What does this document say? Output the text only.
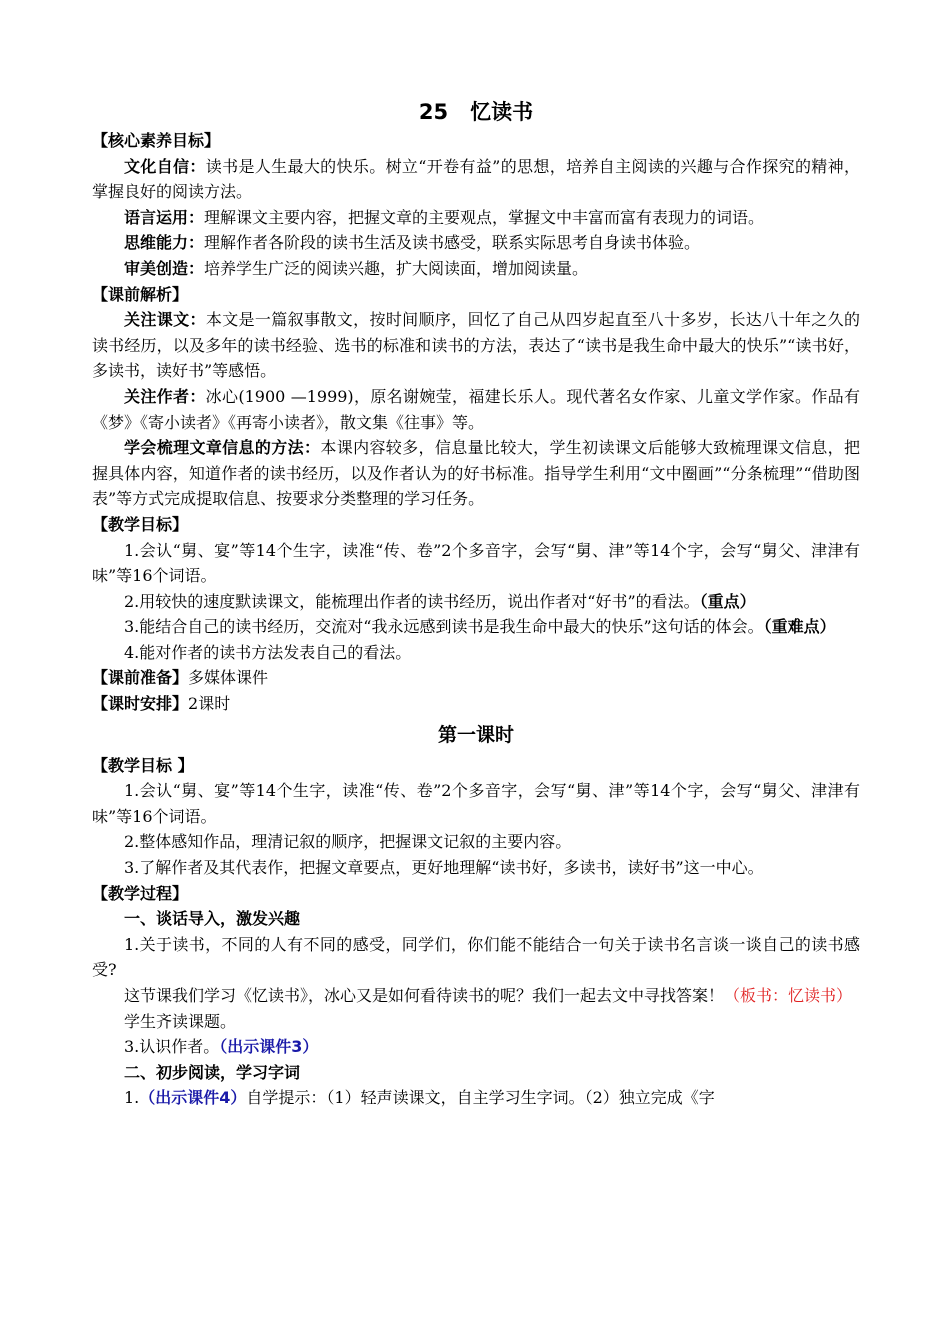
25 忆读书

【核心素养目标】

文化自信：读书是人生最大的快乐。树立“开卷有益”的思想，培养自主阅读的兴趣与合作探究的精神，掌握良好的阅读方法。

语言运用：理解课文主要内容，把握文章的主要观点，掌握文中丰富而富有表现力的词语。

思维能力：理解作者各阶段的读书生活及读书感受，联系实际思考自身读书体验。

审美创造：培养学生广泛的阅读兴趣，扩大阅读面，增加阅读量。

【课前解析】

关注课文：本文是一篇叙事散文，按时间顺序，回忆了自己从四岁起直至八十多岁，长达八十年之久的读书经历，以及多年的读书经验、选书的标准和读书的方法，表达了“读书是我生命中最大的快乐”“读书好，多读书，读好书”等感悟。

关注作者：冰心(1900 —1999)，原名谢婉莹，福建长乐人。现代著名女作家、儿童文学作家。作品有《梦》《寄小读者》《再寄小读者》，散文集《往事》等。

学会梳理文章信息的方法：本课内容较多，信息量比较大，学生初读课文后能够大致梳理课文信息，把握具体内容，知道作者的读书经历，以及作者认为的好书标准。指导学生利用“文中圈画”“分条梳理”“借助图表”等方式完成提取信息、按要求分类整理的学习任务。

【教学目标】

1.会认“舅、宴”等14个生字，读准“传、卷”2个多音字，会写“舅、津”等14个字，会写“舅父、津津有味”等16个词语。

2.用较快的速度默读课文，能梳理出作者的读书经历，说出作者对“好书”的看法。（重点）

3.能结合自己的读书经历，交流对“我永远感到读书是我生命中最大的快乐”这句话的体会。（重难点）

4.能对作者的读书方法发表自己的看法。

【课前准备】多媒体课件

【课时安排】2课时

第一课时

【教学目标 】

1.会认“舅、宴”等14个生字，读准“传、卷”2个多音字，会写“舅、津”等14个字，会写“舅父、津津有味”等16个词语。

2.整体感知作品，理清记叙的顺序，把握课文记叙的主要内容。

3.了解作者及其代表作，把握文章要点，更好地理解“读书好，多读书，读好书”这一中心。

【教学过程】

一、谈话导入，激发兴趣

1.关于读书，不同的人有不同的感受，同学们，你们能不能结合一句关于读书名言谈一谈自己的读书感受?

这节课我们学习《忆读书》，冰心又是如何看待读书的呢？我们一起去文中寻找答案！（板书：忆读书）

学生齐读课题。

3.认识作者。（出示课件3）

二、初步阅读，学习字词

1.（出示课件4）自学提示：（1）轻声读课文，自主学习生字词。（2）独立完成《字
